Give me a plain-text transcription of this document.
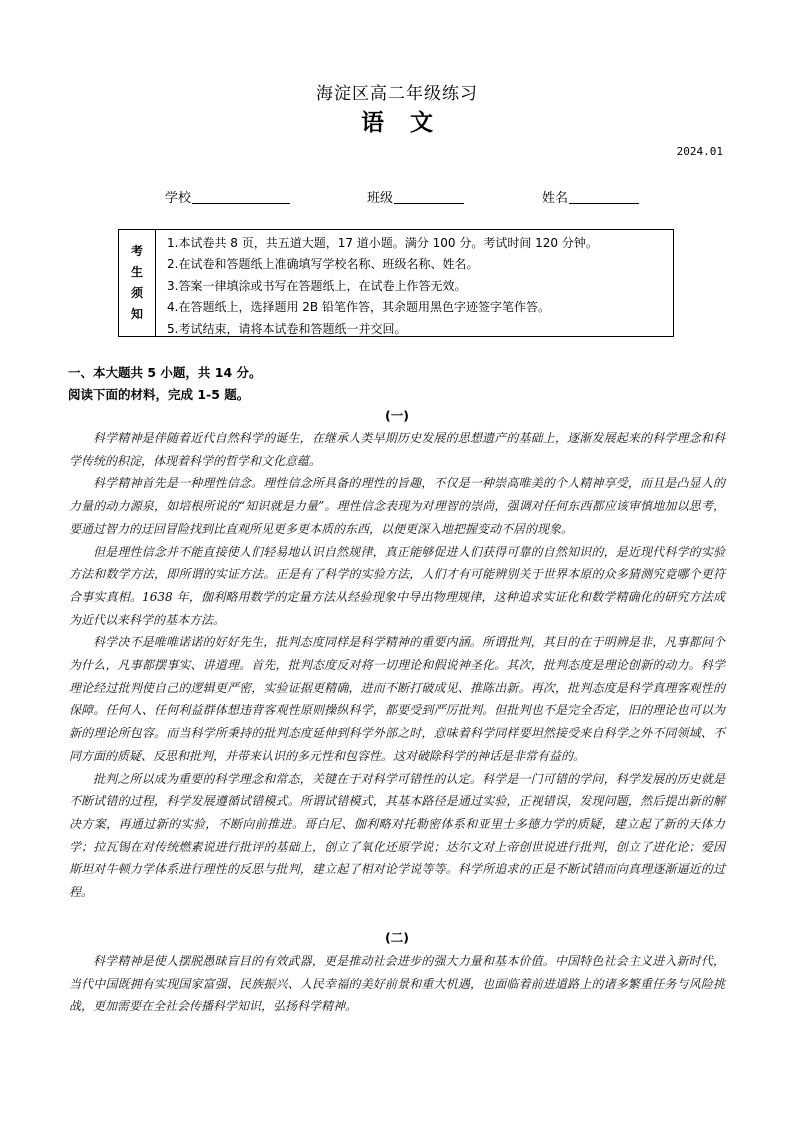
海淀区高二年级练习
语文
2024.01
学校	班级	姓名
考
生
须
知
1.本试卷共 8 页，共五道大题，17 道小题。满分 100 分。考试时间 120 分钟。
2.在试卷和答题纸上准确填写学校名称、班级名称、姓名。
3.答案一律填涂或书写在答题纸上，在试卷上作答无效。
4.在答题纸上，选择题用 2B 铅笔作答，其余题用黑色字迹签字笔作答。
5.考试结束，请将本试卷和答题纸一并交回。
一、本大题共 5 小题，共 14 分。
阅读下面的材料，完成 1-5 题。
(一)

科学精神是伴随着近代自然科学的诞生，在继承人类早期历史发展的思想遗产的基础上，逐渐发展起来的科学理念和科学传统的积淀，体现着科学的哲学和文化意蕴。

科学精神首先是一种理性信念。理性信念所具备的理性的旨趣，不仅是一种崇高唯美的个人精神享受，而且是凸显人的力量的动力源泉，如培根所说的“知识就是力量”。理性信念表现为对理智的崇尚，强调对任何东西都应该审慎地加以思考，要通过智力的迂回冒险找到比直观所见更多更本质的东西，以便更深入地把握变动不居的现象。

但是理性信念并不能直接使人们轻易地认识自然规律，真正能够促进人们获得可靠的自然知识的，是近现代科学的实验方法和数学方法，即所谓的实证方法。正是有了科学的实验方法，人们才有可能辨别关于世界本原的众多猜测究竟哪个更符合事实真相。1638 年，伽利略用数学的定量方法从经验现象中导出物理规律，这种追求实证化和数学精确化的研究方法成为近代以来科学的基本方法。

科学决不是唯唯诺诺的好好先生，批判态度同样是科学精神的重要内涵。所谓批判，其目的在于明辨是非，凡事都问个为什么，凡事都摆事实、讲道理。首先，批判态度反对将一切理论和假说神圣化。其次，批判态度是理论创新的动力。科学理论经过批判使自己的逻辑更严密，实验证据更精确，进而不断打破成见、推陈出新。再次，批判态度是科学真理客观性的保障。任何人、任何利益群体想违背客观性原则操纵科学，都要受到严厉批判。但批判也不是完全否定，旧的理论也可以为新的理论所包容。而当科学所秉持的批判态度延伸到科学外部之时，意味着科学同样要坦然接受来自科学之外不同领域、不同方面的质疑、反思和批判，并带来认识的多元性和包容性。这对破除科学的神话是非常有益的。

批判之所以成为重要的科学理念和常态，关键在于对科学可错性的认定。科学是一门可错的学问，科学发展的历史就是不断试错的过程，科学发展遵循试错模式。所谓试错模式，其基本路径是通过实验，正视错误，发现问题，然后提出新的解决方案，再通过新的实验，不断向前推进。哥白尼、伽利略对托勒密体系和亚里士多德力学的质疑，建立起了新的天体力学；拉瓦锡在对传统燃素说进行批评的基础上，创立了氧化还原学说；达尔文对上帝创世说进行批判，创立了进化论；爱因斯坦对牛顿力学体系进行理性的反思与批判，建立起了相对论学说等等。科学所追求的正是不断试错而向真理逐渐逼近的过程。

(二)

科学精神是使人摆脱愚昧盲目的有效武器，更是推动社会进步的强大力量和基本价值。中国特色社会主义进入新时代，当代中国既拥有实现国家富强、民族振兴、人民幸福的美好前景和重大机遇，也面临着前进道路上的诸多繁重任务与风险挑战，更加需要在全社会传播科学知识，弘扬科学精神。
